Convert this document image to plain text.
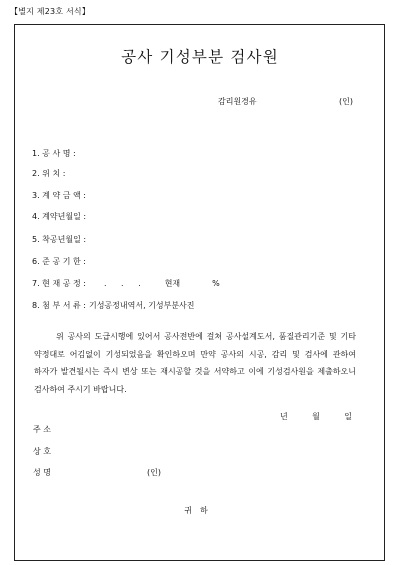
【별지 제23호 서식】
공사 기성부분 검사원
감리원경유	(인)
1. 공 사 명 :
2. 위 치 :
3. 계 약 금 액 :
4. 계약년월일 :
5. 착공년월일 :
6. 준 공 기 한 :
7. 현 재 공 정 : . . . 현재	%
8. 첨 부 서 류 : 기성공정내역서, 기성부분사진
위 공사의 도급시행에 있어서 공사전반에 걸쳐 공사설계도서, 품질관리기준 및 기타 약정대로 어김없이 기성되었음을 확인하오며 만약 공사의 시공, 감리 및 검사에 관하여 하자가 발견될시는 즉시 변상 또는 재시공할 것을 서약하고 이에 기성검사원을 제출하오니 검사하여 주시기 바랍니다.
년	월	일
주 소
상 호
성 명	(인)
귀하
